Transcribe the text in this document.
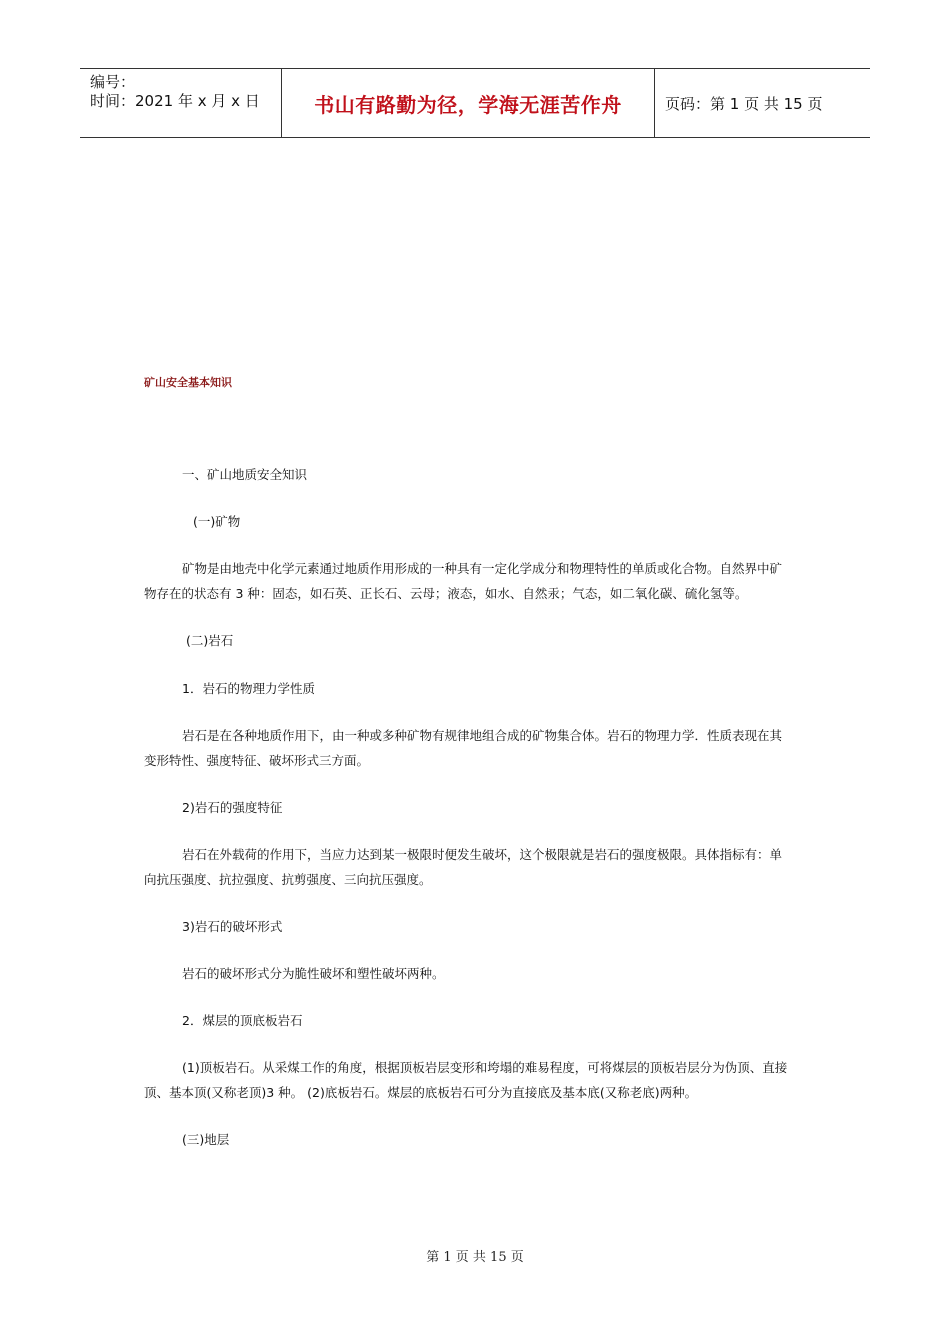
编号：
时间：2021 年 x 月 x 日	书山有路勤为径，学海无涯苦作舟	页码：第 1 页 共 15 页
矿山安全基本知识
一、矿山地质安全知识
(一)矿物
矿物是由地壳中化学元素通过地质作用形成的一种具有一定化学成分和物理特性的单质或化合物。自然界中矿
物存在的状态有 3 种：固态，如石英、正长石、云母；液态，如水、自然汞；气态，如二氧化碳、硫化氢等。
(二)岩石
1．岩石的物理力学性质
岩石是在各种地质作用下，由一种或多种矿物有规律地组合成的矿物集合体。岩石的物理力学．性质表现在其
变形特性、强度特征、破坏形式三方面。
2)岩石的强度特征
岩石在外载荷的作用下，当应力达到某一极限时便发生破坏，这个极限就是岩石的强度极限。具体指标有：单
向抗压强度、抗拉强度、抗剪强度、三向抗压强度。
3)岩石的破坏形式
岩石的破坏形式分为脆性破坏和塑性破坏两种。
2．煤层的顶底板岩石
(1)顶板岩石。从采煤工作的角度，根据顶板岩层变形和垮塌的难易程度，可将煤层的顶板岩层分为伪顶、直接
顶、基本顶(又称老顶)3 种。 (2)底板岩石。煤层的底板岩石可分为直接底及基本底(又称老底)两种。
(三)地层
第 1 页 共 15 页
